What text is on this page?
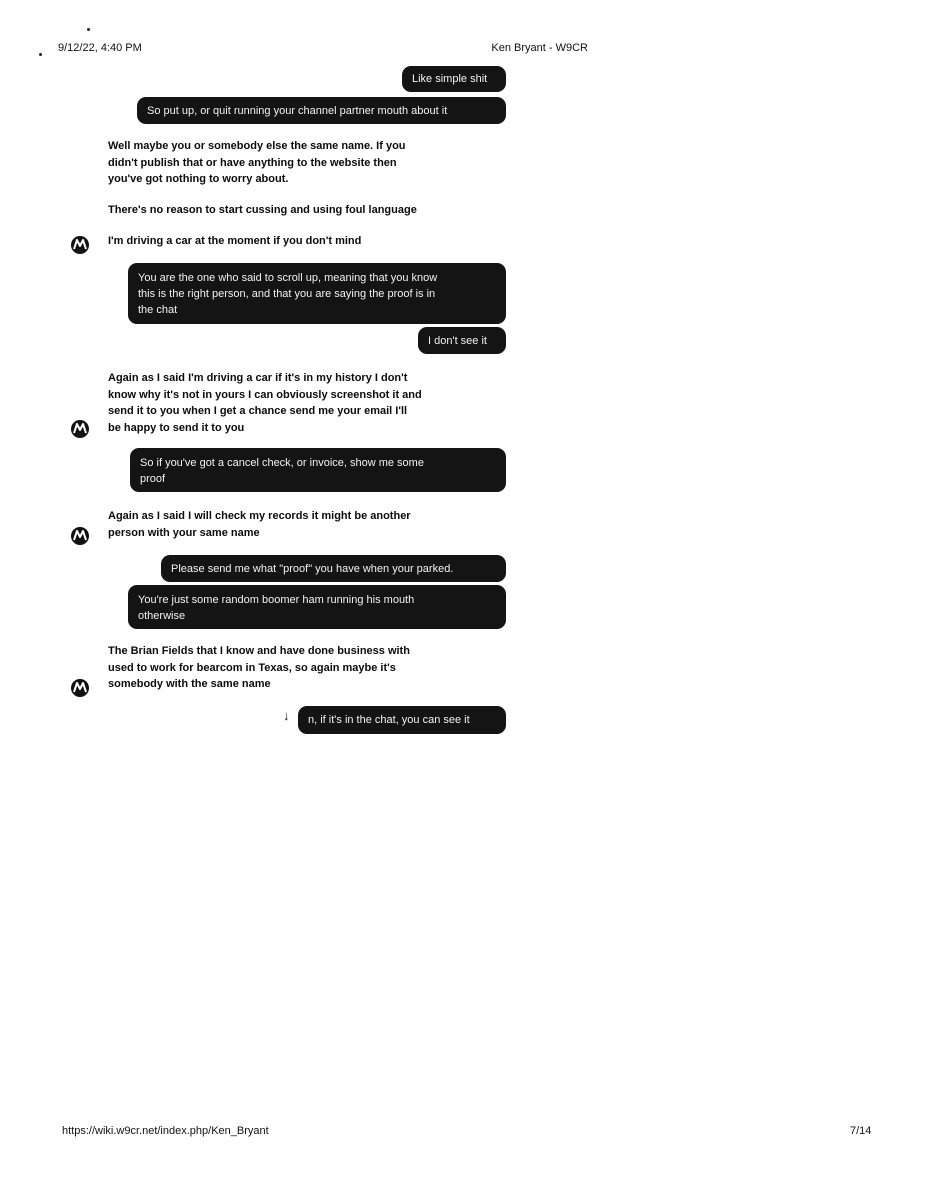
9/12/22, 4:40 PM	Ken Bryant - W9CR
Like simple shit
So put up, or quit running your channel partner mouth about it
Well maybe you or somebody else the same name. If you
didn't publish that or have anything to the website then
you've got nothing to worry about.
There's no reason to start cussing and using foul language
I'm driving a car at the moment if you don't mind
You are the one who said to scroll up, meaning that you know
this is the right person, and that you are saying the proof is in
the chat
I don't see it
Again as I said I'm driving a car if it's in my history I don't
know why it's not in yours I can obviously screenshot it and
send it to you when I get a chance send me your email I'll
be happy to send it to you
So if you've got a cancel check, or invoice, show me some
proof
Again as I said I will check my records it might be another
person with your same name
Please send me what "proof" you have when your parked.
You're just some random boomer ham running his mouth
otherwise
The Brian Fields that I know and have done business with
used to work for bearcom in Texas, so again maybe it's
somebody with the same name
↓ n, if it's in the chat, you can see it
https://wiki.w9cr.net/index.php/Ken_Bryant	7/14
